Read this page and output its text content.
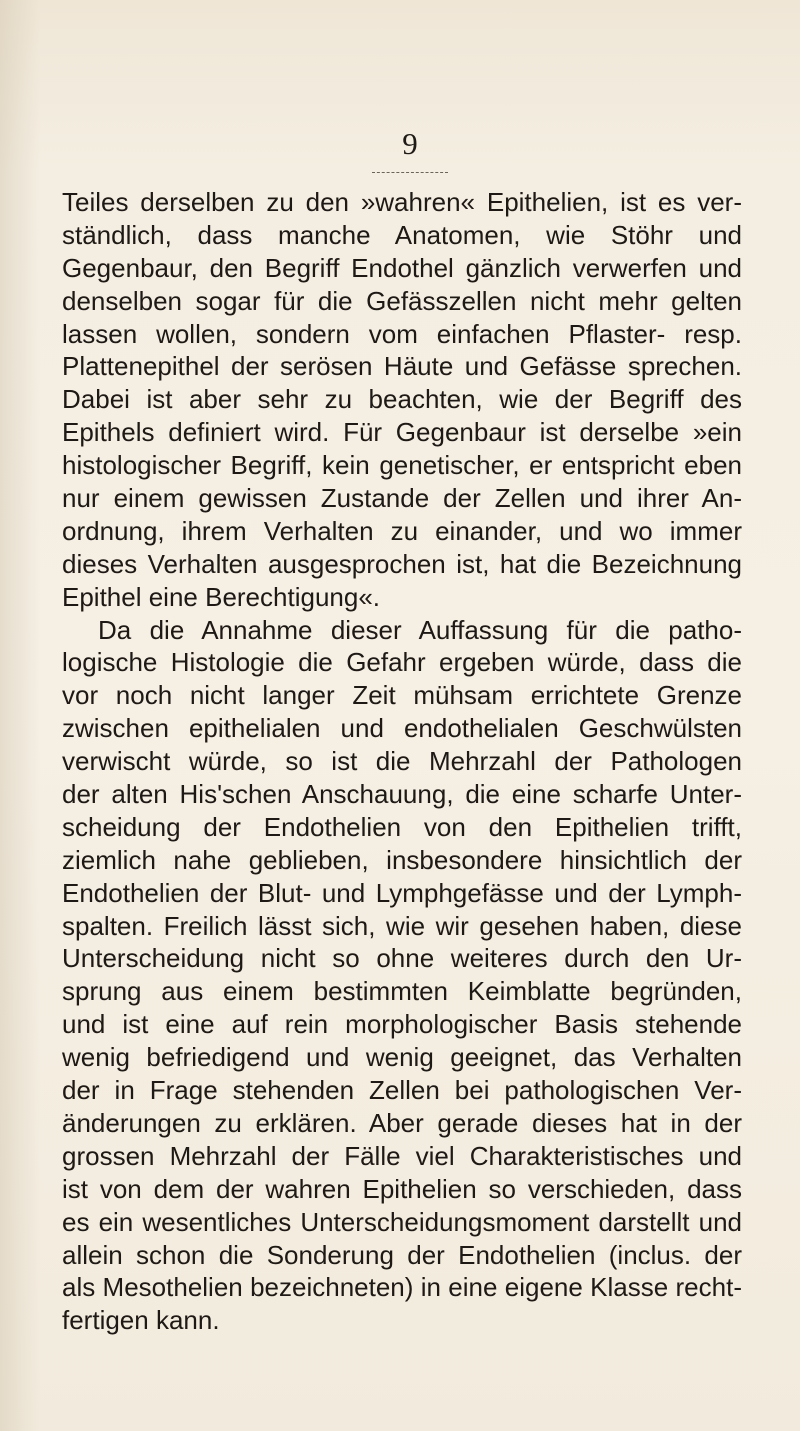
9
Teiles derselben zu den »wahren« Epithelien, ist es ver-
ständlich, dass manche Anatomen, wie Stöhr und
Gegenbaur, den Begriff Endothel gänzlich verwerfen und
denselben sogar für die Gefässzellen nicht mehr gelten
lassen wollen, sondern vom einfachen Pflaster- resp.
Plattenepithel der serösen Häute und Gefässe sprechen.
Dabei ist aber sehr zu beachten, wie der Begriff des
Epithels definiert wird. Für Gegenbaur ist derselbe »ein
histologischer Begriff, kein genetischer, er entspricht eben
nur einem gewissen Zustande der Zellen und ihrer An-
ordnung, ihrem Verhalten zu einander, und wo immer
dieses Verhalten ausgesprochen ist, hat die Bezeichnung
Epithel eine Berechtigung«.
Da die Annahme dieser Auffassung für die patho-
logische Histologie die Gefahr ergeben würde, dass die
vor noch nicht langer Zeit mühsam errichtete Grenze
zwischen epithelialen und endothelialen Geschwülsten
verwischt würde, so ist die Mehrzahl der Pathologen
der alten His'schen Anschauung, die eine scharfe Unter-
scheidung der Endothelien von den Epithelien trifft,
ziemlich nahe geblieben, insbesondere hinsichtlich der
Endothelien der Blut- und Lymphgefässe und der Lymph-
spalten. Freilich lässt sich, wie wir gesehen haben, diese
Unterscheidung nicht so ohne weiteres durch den Ur-
sprung aus einem bestimmten Keimblatte begründen,
und ist eine auf rein morphologischer Basis stehende
wenig befriedigend und wenig geeignet, das Verhalten
der in Frage stehenden Zellen bei pathologischen Ver-
änderungen zu erklären. Aber gerade dieses hat in der
grossen Mehrzahl der Fälle viel Charakteristisches und
ist von dem der wahren Epithelien so verschieden, dass
es ein wesentliches Unterscheidungsmoment darstellt und
allein schon die Sonderung der Endothelien (inclus. der
als Mesothelien bezeichneten) in eine eigene Klasse recht-
fertigen kann.
